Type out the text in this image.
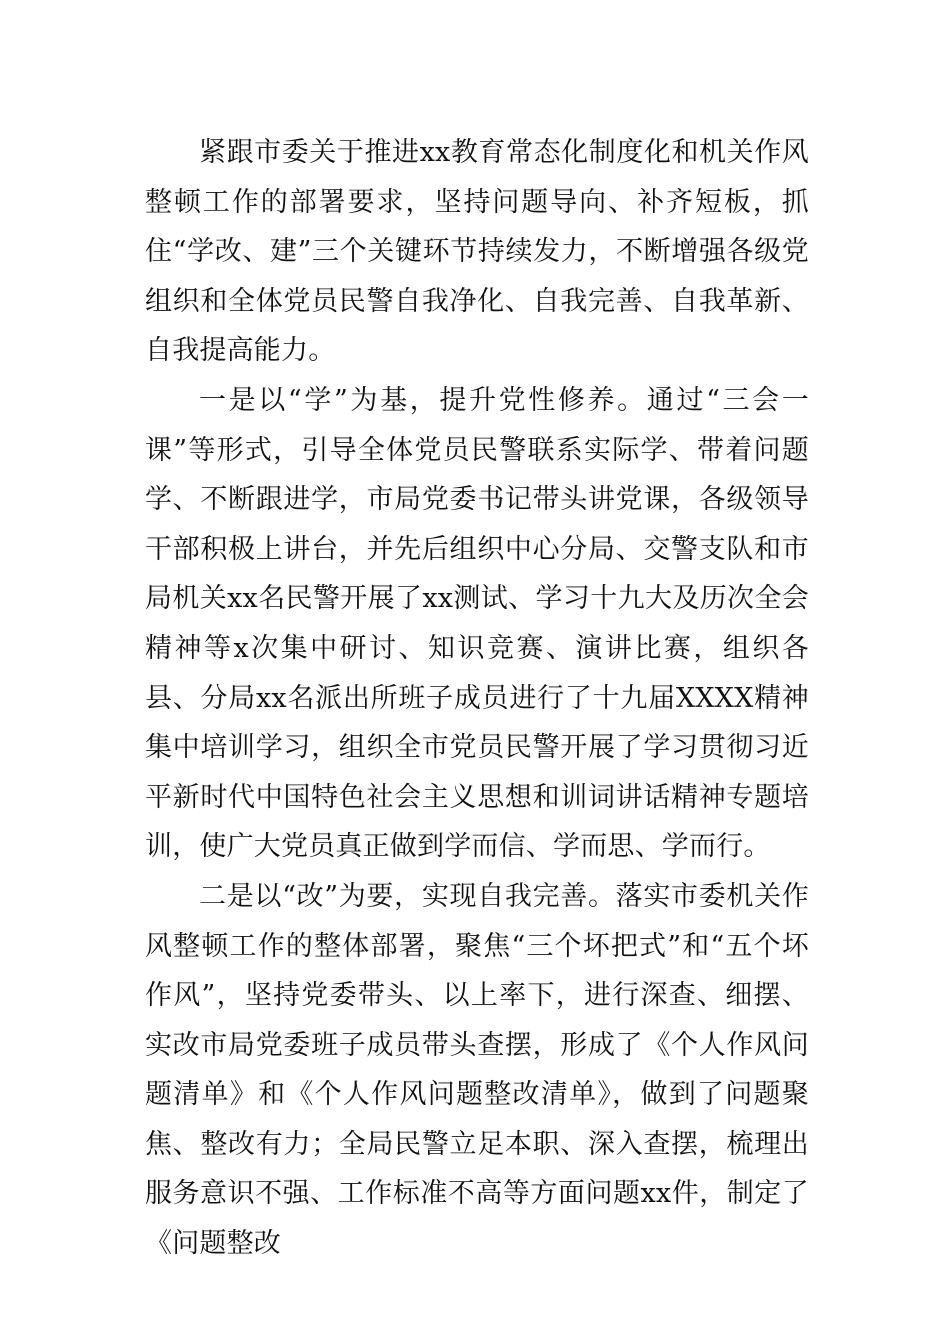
紧跟市委关于推进xx教育常态化制度化和机关作风整顿工作的部署要求，坚持问题导向、补齐短板，抓住“学改、建”三个关键环节持续发力，不断增强各级党组织和全体党员民警自我净化、自我完善、自我革新、自我提高能力。

一是以“学”为基，提升党性修养。通过“三会一课”等形式，引导全体党员民警联系实际学、带着问题学、不断跟进学，市局党委书记带头讲党课，各级领导干部积极上讲台，并先后组织中心分局、交警支队和市局机关xx名民警开展了xx测试、学习十九大及历次全会精神等x次集中研讨、知识竞赛、演讲比赛，组织各县、分局xx名派出所班子成员进行了十九届XXXX精神集中培训学习，组织全市党员民警开展了学习贯彻习近平新时代中国特色社会主义思想和训词讲话精神专题培训，使广大党员真正做到学而信、学而思、学而行。

二是以“改”为要，实现自我完善。落实市委机关作风整顿工作的整体部署，聚焦“三个坏把式”和“五个坏作风”，坚持党委带头、以上率下，进行深查、细摆、实改市局党委班子成员带头查摆，形成了《个人作风问题清单》和《个人作风问题整改清单》，做到了问题聚焦、整改有力；全局民警立足本职、深入查摆，梳理出服务意识不强、工作标准不高等方面问题xx件，制定了《问题整改
